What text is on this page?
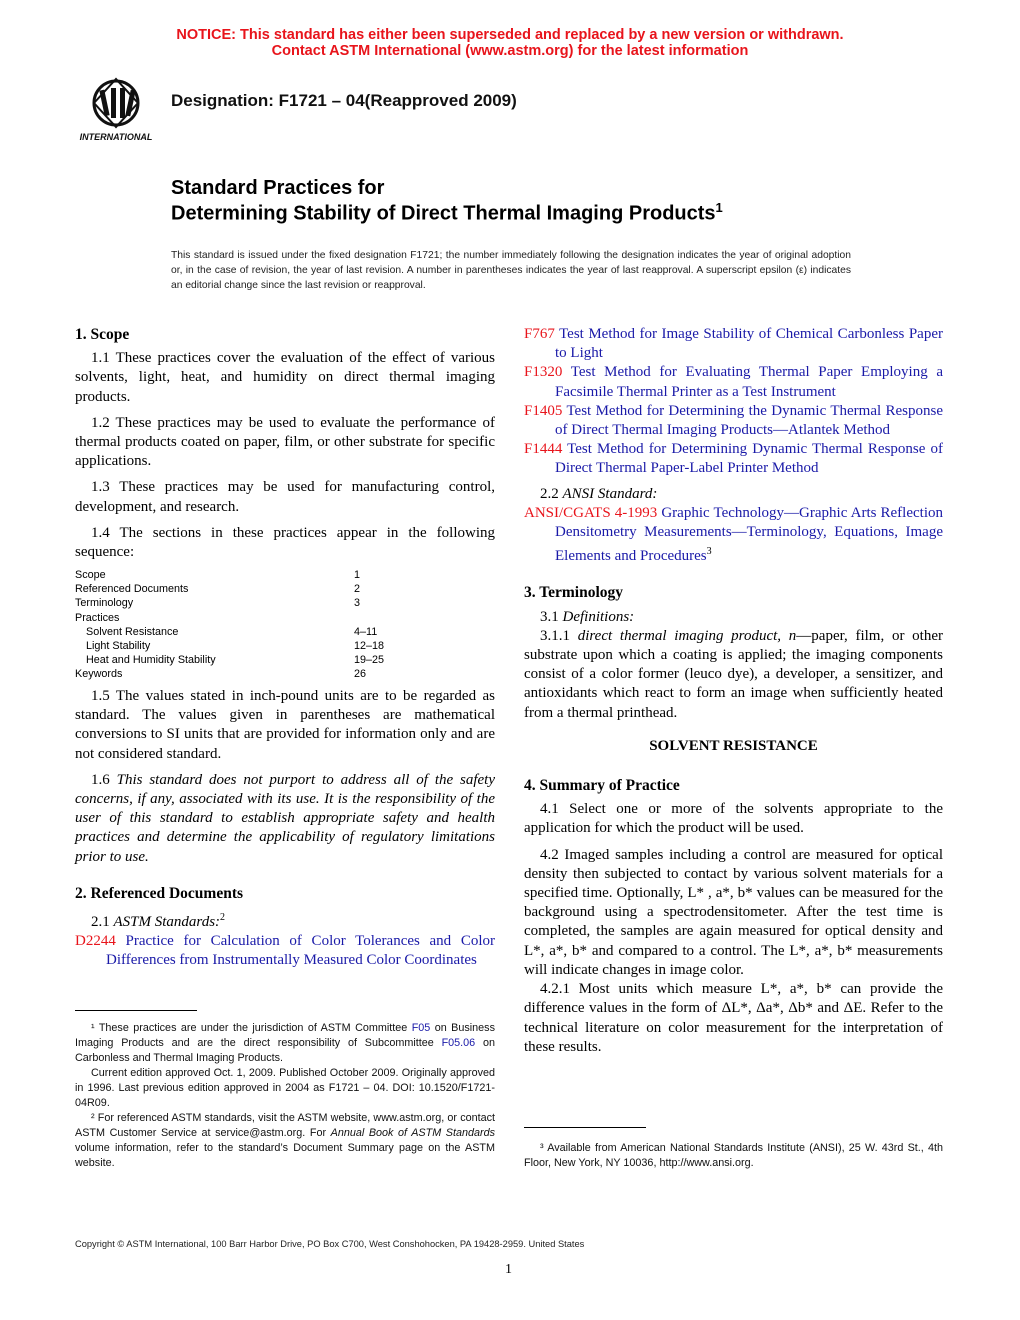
NOTICE: This standard has either been superseded and replaced by a new version or withdrawn.
Contact ASTM International (www.astm.org) for the latest information
INTERNATIONAL
Designation: F1721 – 04(Reapproved 2009)
Standard Practices for
Determining Stability of Direct Thermal Imaging Products$^1$
This standard is issued under the fixed designation F1721; the number immediately following the designation indicates the year of original adoption or, in the case of revision, the year of last revision. A number in parentheses indicates the year of last reapproval. A superscript epsilon (ε) indicates an editorial change since the last revision or reapproval.
1. Scope

1.1 These practices cover the evaluation of the effect of various solvents, light, heat, and humidity on direct thermal imaging products.

1.2 These practices may be used to evaluate the performance of thermal products coated on paper, film, or other substrate for specific applications.

1.3 These practices may be used for manufacturing control, development, and research.

1.4 The sections in these practices appear in the following sequence:

Scope	1
Referenced Documents	2
Terminology	3
Practices
Solvent Resistance	4–11
Light Stability	12–18
Heat and Humidity Stability	19–25
Keywords	26

1.5 The values stated in inch-pound units are to be regarded as standard. The values given in parentheses are mathematical conversions to SI units that are provided for information only and are not considered standard.

1.6 This standard does not purport to address all of the safety concerns, if any, associated with its use. It is the responsibility of the user of this standard to establish appropriate safety and health practices and determine the applicability of regulatory limitations prior to use.

2. Referenced Documents

2.1 ASTM Standards:$^2$

D2244 Practice for Calculation of Color Tolerances and Color Differences from Instrumentally Measured Color Coordinates

¹ These practices are under the jurisdiction of ASTM Committee F05 on Business Imaging Products and are the direct responsibility of Subcommittee F05.06 on Carbonless and Thermal Imaging Products.

Current edition approved Oct. 1, 2009. Published October 2009. Originally approved in 1996. Last previous edition approved in 2004 as F1721 – 04. DOI: 10.1520/F1721-04R09.

² For referenced ASTM standards, visit the ASTM website, www.astm.org, or contact ASTM Customer Service at service@astm.org. For Annual Book of ASTM Standards volume information, refer to the standard’s Document Summary page on the ASTM website.

F767 Test Method for Image Stability of Chemical Carbonless Paper to Light

F1320 Test Method for Evaluating Thermal Paper Employing a Facsimile Thermal Printer as a Test Instrument

F1405 Test Method for Determining the Dynamic Thermal Response of Direct Thermal Imaging Products—Atlantek Method

F1444 Test Method for Determining Dynamic Thermal Response of Direct Thermal Paper-Label Printer Method

2.2 ANSI Standard:

ANSI/CGATS 4-1993 Graphic Technology—Graphic Arts Reflection Densitometry Measurements—Terminology, Equations, Image Elements and Procedures$^3$

3. Terminology

3.1 Definitions:

3.1.1 direct thermal imaging product, n—paper, film, or other substrate upon which a coating is applied; the imaging components consist of a color former (leuco dye), a developer, a sensitizer, and antioxidants which react to form an image when sufficiently heated from a thermal printhead.

SOLVENT RESISTANCE
4. Summary of Practice

4.1 Select one or more of the solvents appropriate to the application for which the product will be used.

4.2 Imaged samples including a control are measured for optical density then subjected to contact by various solvent materials for a specified time. Optionally, L* , a*, b* values can be measured for the background using a spectrodensitometer. After the test time is completed, the samples are again measured for optical density and L*, a*, b* and compared to a control. The L*, a*, b* measurements will indicate changes in image color.

4.2.1 Most units which measure L*, a*, b* can provide the difference values in the form of ΔL*, Δa*, Δb* and ΔE. Refer to the technical literature on color measurement for the interpretation of these results.

³ Available from American National Standards Institute (ANSI), 25 W. 43rd St., 4th Floor, New York, NY 10036, http://www.ansi.org.
Copyright © ASTM International, 100 Barr Harbor Drive, PO Box C700, West Conshohocken, PA 19428-2959. United States
1
